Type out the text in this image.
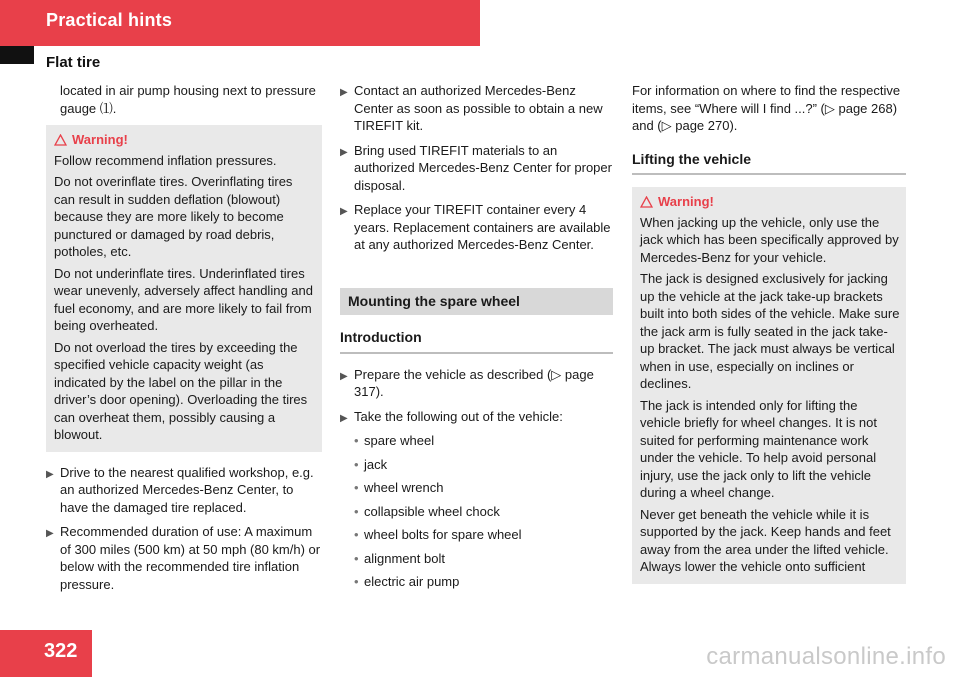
Practical hints
Flat tire

located in air pump housing next to pressure gauge ⑴.

Warning!

Follow recommend inflation pressures.

Do not overinflate tires. Overinflating tires can result in sudden deflation (blowout) because they are more likely to become punctured or damaged by road debris, potholes, etc.

Do not underinflate tires. Underinflated tires wear unevenly, adversely affect handling and fuel economy, and are more likely to fail from being overheated.

Do not overload the tires by exceeding the specified vehicle capacity weight (as indicated by the label on the pillar in the driver’s door opening). Overloading the tires can overheat them, possibly causing a blowout.

▶ Drive to the nearest qualified workshop, e.g. an authorized Mercedes-Benz Center, to have the damaged tire replaced.
▶ Recommended duration of use: A maximum of 300 miles (500 km) at 50 mph (80 km/h) or below with the recommended tire inflation pressure.
▶ Contact an authorized Mercedes-Benz Center as soon as possible to obtain a new TIREFIT kit.
▶ Bring used TIREFIT materials to an authorized Mercedes-Benz Center for proper disposal.
▶ Replace your TIREFIT container every 4 years. Replacement containers are available at any authorized Mercedes-Benz Center.
Mounting the spare wheel
Introduction
▶ Prepare the vehicle as described (▷ page 317).
▶ Take the following out of the vehicle:
• spare wheel
• jack
• wheel wrench
• collapsible wheel chock
• wheel bolts for spare wheel
• alignment bolt
• electric air pump

For information on where to find the respective items, see “Where will I find ...?” (▷ page 268) and (▷ page 270).

Lifting the vehicle
Warning!

When jacking up the vehicle, only use the jack which has been specifically approved by Mercedes-Benz for your vehicle.

The jack is designed exclusively for jacking up the vehicle at the jack take-up brackets built into both sides of the vehicle. Make sure the jack arm is fully seated in the jack take-up bracket. The jack must always be vertical when in use, especially on inclines or declines.

The jack is intended only for lifting the vehicle briefly for wheel changes. It is not suited for performing maintenance work under the vehicle. To help avoid personal injury, use the jack only to lift the vehicle during a wheel change.

Never get beneath the vehicle while it is supported by the jack. Keep hands and feet away from the area under the lifted vehicle. Always lower the vehicle onto sufficient

322	carmanualsonline.info
